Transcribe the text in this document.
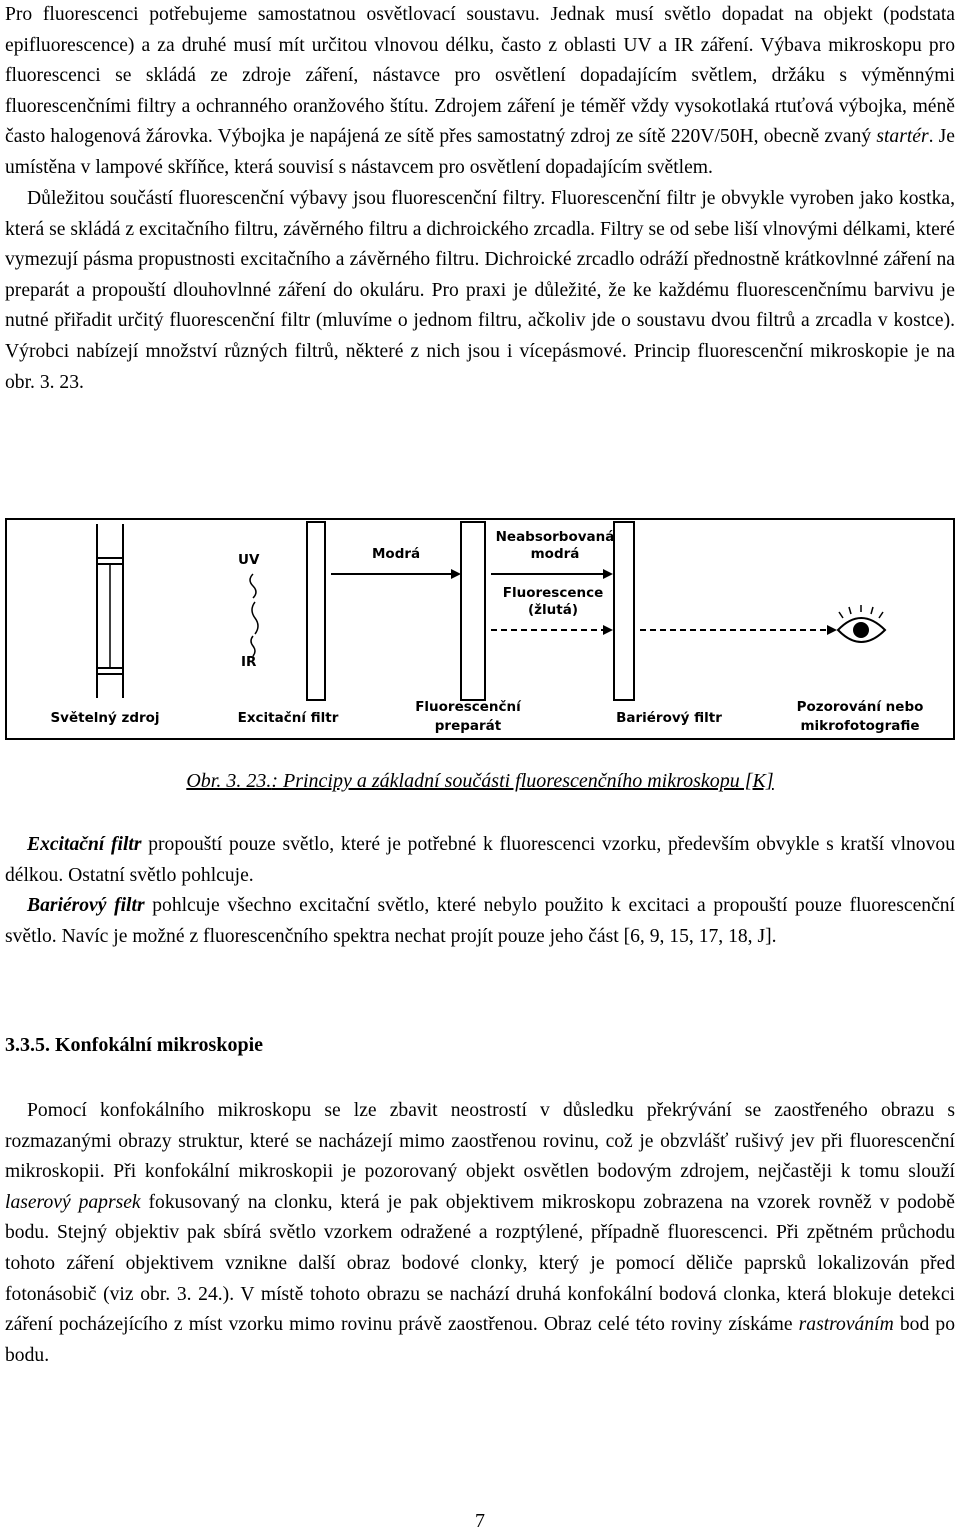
Pro fluorescenci potřebujeme samostatnou osvětlovací soustavu. Jednak musí světlo dopadat na objekt (podstata epifluorescence) a za druhé musí mít určitou vlnovou délku, často z oblasti UV a IR záření. Výbava mikroskopu pro fluorescenci se skládá ze zdroje záření, nástavce pro osvětlení dopadajícím světlem, držáku s výměnnými fluorescenčními filtry a ochranného oranžového štítu. Zdrojem záření je téměř vždy vysokotlaká rtuťová výbojka, méně často halogenová žárovka. Výbojka je napájená ze sítě přes samostatný zdroj ze sítě 220V/50H, obecně zvaný startér. Je umístěna v lampové skříňce, která souvisí s nástavcem pro osvětlení dopadajícím světlem.

Důležitou součástí fluorescenční výbavy jsou fluorescenční filtry. Fluorescenční filtr je obvykle vyroben jako kostka, která se skládá z excitačního filtru, závěrného filtru a dichroického zrcadla. Filtry se od sebe liší vlnovými délkami, které vymezují pásma propustnosti excitačního a závěrného filtru. Dichroické zrcadlo odráží přednostně krátkovlnné záření na preparát a propouští dlouhovlnné záření do okuláru. Pro praxi je důležité, že ke každému fluorescenčnímu barvivu je nutné přiřadit určitý fluorescenční filtr (mluvíme o jednom filtru, ačkoliv jde o soustavu dvou filtrů a zrcadla v kostce). Výrobci nabízejí množství různých filtrů, některé z nich jsou i vícepásmové. Princip fluorescenční mikroskopie je na obr. 3. 23.

UV
IR
Modrá
Neabsorbovaná
modrá
Fluorescence
(žlutá)
Světelný zdroj	Excitační filtr
Fluorescenční
preparát	Bariérový filtr
Pozorování nebo
mikrofotografie
Obr. 3. 23.: Principy a základní součásti fluorescenčního mikroskopu [K]

Excitační filtr propouští pouze světlo, které je potřebné k fluorescenci vzorku, především obvykle s kratší vlnovou délkou. Ostatní světlo pohlcuje.

Bariérový filtr pohlcuje všechno excitační světlo, které nebylo použito k excitaci a propouští pouze fluorescenční světlo. Navíc je možné z fluorescenčního spektra nechat projít pouze jeho část [6, 9, 15, 17, 18, J].

3.3.5. Konfokální mikroskopie

Pomocí konfokálního mikroskopu se lze zbavit neostrostí v důsledku překrývání se zaostřeného obrazu s rozmazanými obrazy struktur, které se nacházejí mimo zaostřenou rovinu, což je obzvlášť rušivý jev při fluorescenční mikroskopii. Při konfokální mikroskopii je pozorovaný objekt osvětlen bodovým zdrojem, nejčastěji k tomu slouží laserový paprsek fokusovaný na clonku, která je pak objektivem mikroskopu zobrazena na vzorek rovněž v podobě bodu. Stejný objektiv pak sbírá světlo vzorkem odražené a rozptýlené, případně fluorescenci. Při zpětném průchodu tohoto záření objektivem vznikne další obraz bodové clonky, který je pomocí děliče paprsků lokalizován před fotonásobič (viz obr. 3. 24.). V místě tohoto obrazu se nachází druhá konfokální bodová clonka, která blokuje detekci záření pocházejícího z míst vzorku mimo rovinu právě zaostřenou. Obraz celé této roviny získáme rastrováním bod po bodu.

7
